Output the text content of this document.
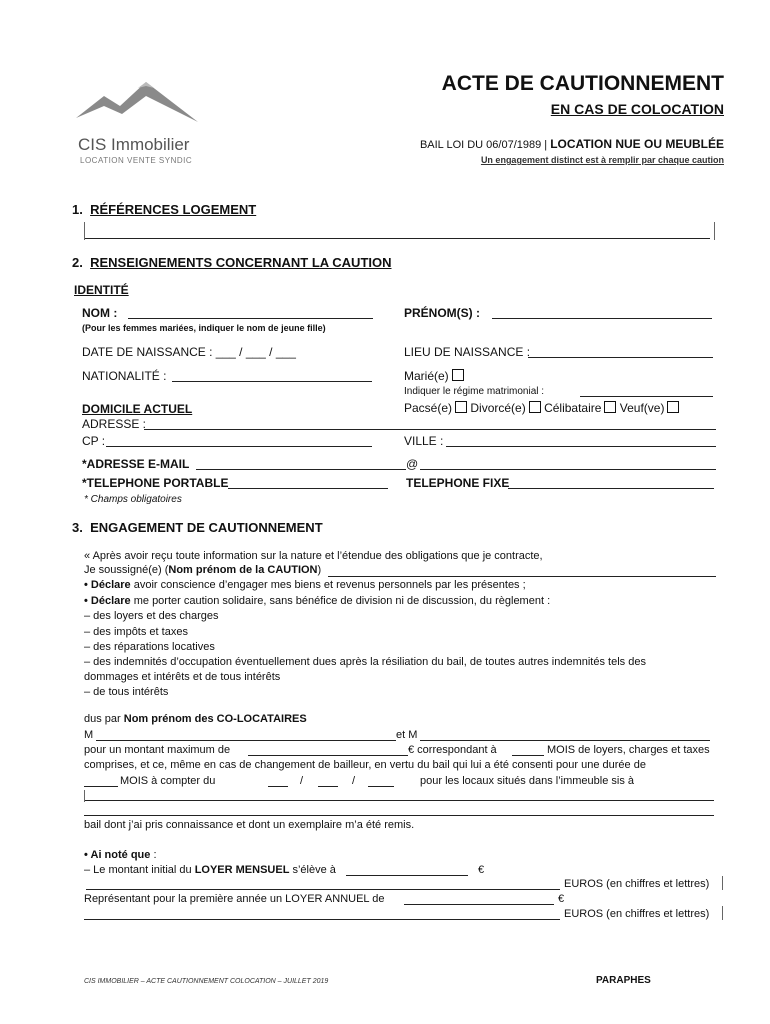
CIS Immobilier
LOCATION VENTE SYNDIC
ACTE DE CAUTIONNEMENT
EN CAS DE COLOCATION
BAIL LOI DU 06/07/1989 | LOCATION NUE OU MEUBLÉE
Un engagement distinct est à remplir par chaque caution
1. RÉFÉRENCES LOGEMENT
2. RENSEIGNEMENTS CONCERNANT LA CAUTION
IDENTITÉ
NOM :
(Pour les femmes mariées, indiquer le nom de jeune fille)
PRÉNOM(S) :
DATE DE NAISSANCE : ___ / ___ / ___	LIEU DE NAISSANCE :
NATIONALITÉ :	Marié(e)
Indiquer le régime matrimonial :
DOMICILE ACTUEL	Pacsé(e) Divorcé(e) Célibataire Veuf(ve)
ADRESSE :
CP :	VILLE :
*ADRESSE E-MAIL	@
*TELEPHONE PORTABLE	TELEPHONE FIXE
* Champs obligatoires
3. ENGAGEMENT DE CAUTIONNEMENT
« Après avoir reçu toute information sur la nature et l’étendue des obligations que je contracte,
Je soussigné(e) (Nom prénom de la CAUTION)
• Déclare avoir conscience d’engager mes biens et revenus personnels par les présentes ;
• Déclare me porter caution solidaire, sans bénéfice de division ni de discussion, du règlement :
– des loyers et des charges
– des impôts et taxes
– des réparations locatives
– des indemnités d’occupation éventuellement dues après la résiliation du bail, de toutes autres indemnités tels des
dommages et intérêts et de tous intérêts
– de tous intérêts
dus par Nom prénom des CO-LOCATAIRES
M	et M
pour un montant maximum de	€ correspondant à	MOIS de loyers, charges et taxes
comprises, et ce, même en cas de changement de bailleur, en vertu du bail qui lui a été consenti pour une durée de
MOIS à compter du	/	/	pour les locaux situés dans l’immeuble sis à
bail dont j’ai pris connaissance et dont un exemplaire m’a été remis.
• Ai noté que :
– Le montant initial du LOYER MENSUEL s’élève à	€
EUROS (en chiffres et lettres)
Représentant pour la première année un LOYER ANNUEL de	€
EUROS (en chiffres et lettres)
CIS IMMOBILIER – ACTE CAUTIONNEMENT COLOCATION – JUILLET 2019	PARAPHES
